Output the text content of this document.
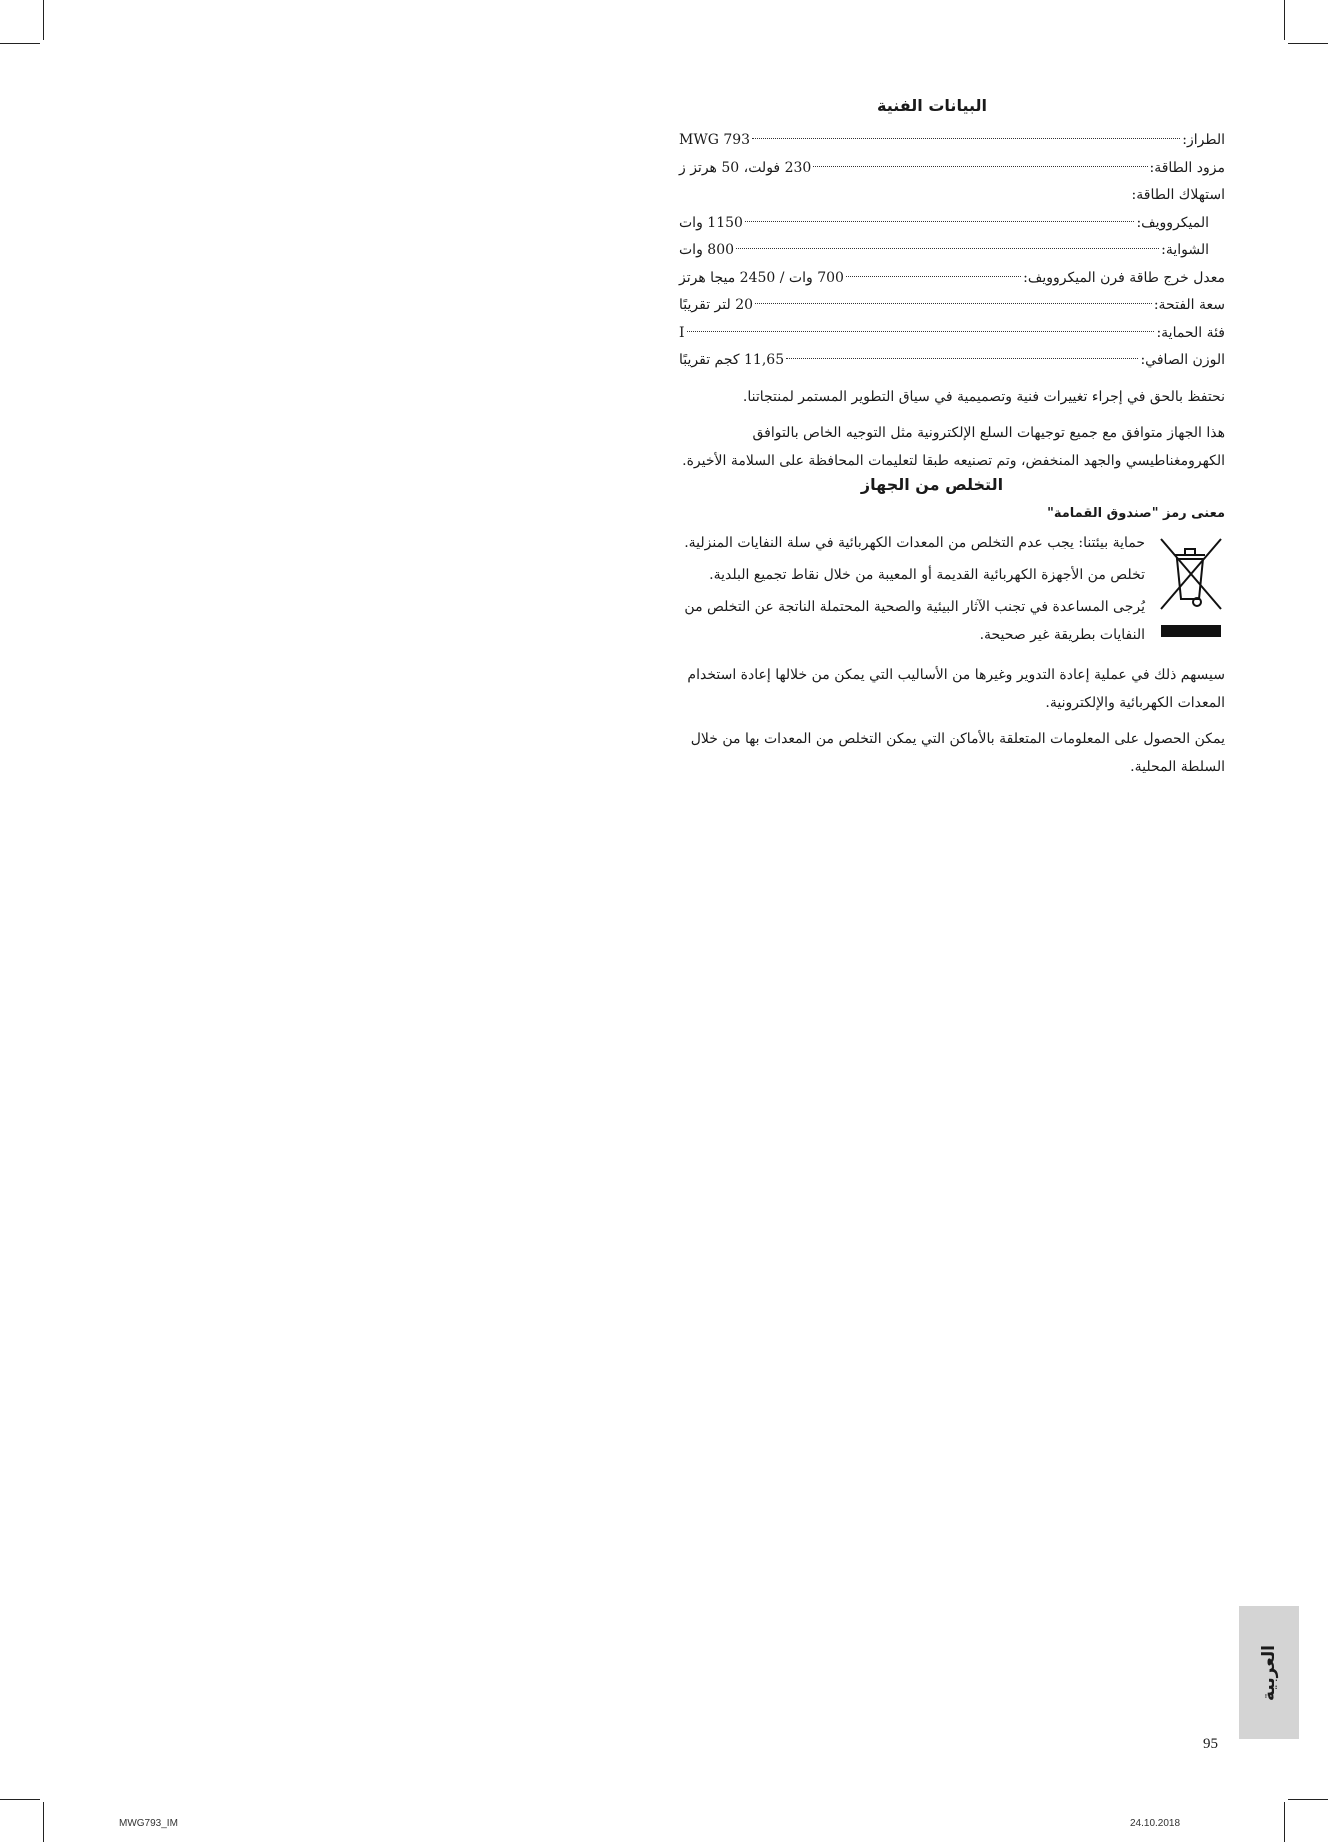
البيانات الفنية
الطراز:
MWG 793
مزود الطاقة:
230 فولت، 50 هرتز ز
استهلاك الطاقة:
الميكروويف:
1150 وات
الشواية:
800 وات
معدل خرج طاقة فرن الميكروويف:
700 وات / 2450 ميجا هرتز
سعة الفتحة:
20 لتر تقريبًا
فئة الحماية:
I
الوزن الصافي:
11,65 كجم تقريبًا

نحتفظ بالحق في إجراء تغييرات فنية وتصميمية في سياق التطوير المستمر لمنتجاتنا.

هذا الجهاز متوافق مع جميع توجيهات السلع الإلكترونية مثل التوجيه الخاص بالتوافق
الكهرومغناطيسي والجهد المنخفض، وتم تصنيعه طبقا لتعليمات المحافظة على السلامة الأخيرة.

التخلص من الجهاز
معنى رمز "صندوق القمامة"

حماية بيئتنا: يجب عدم التخلص من المعدات الكهربائية في سلة النفايات المنزلية.

تخلص من الأجهزة الكهربائية القديمة أو المعيبة من خلال نقاط تجميع البلدية.

يُرجى المساعدة في تجنب الآثار البيئية والصحية المحتملة الناتجة عن التخلص من
النفايات بطريقة غير صحيحة.

سيسهم ذلك في عملية إعادة التدوير وغيرها من الأساليب التي يمكن من خلالها إعادة استخدام
المعدات الكهربائية والإلكترونية.

يمكن الحصول على المعلومات المتعلقة بالأماكن التي يمكن التخلص من المعدات بها من خلال
السلطة المحلية.

العربية
95
MWG793_IM	24.10.2018
